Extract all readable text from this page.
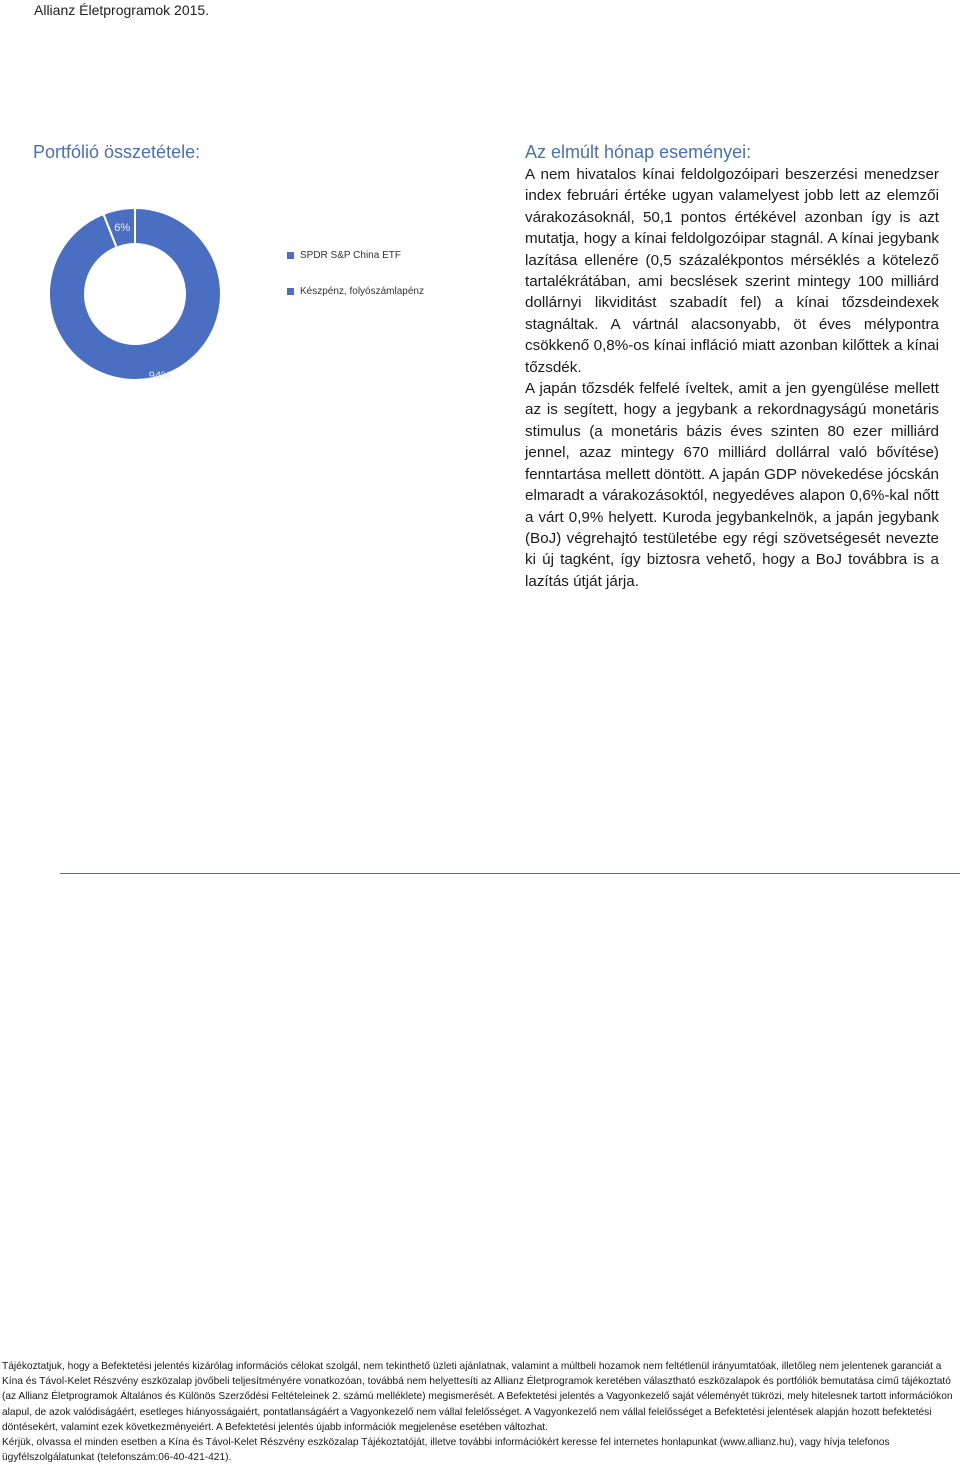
Allianz Életprogramok 2015.
Portfólió összetétele:
6%
94%
SPDR S&P China ETF
Készpénz, folyószámlapénz
Az elmúlt hónap eseményei:

A nem hivatalos kínai feldolgozóipari beszerzési menedzser index februári értéke ugyan valamelyest jobb lett az elemzői várakozásoknál, 50,1 pontos értékével azonban így is azt mutatja, hogy a kínai feldolgozóipar stagnál. A kínai jegybank lazítása ellenére (0,5 százalékpontos mérséklés a kötelező tartalékrátában, ami becslések szerint mintegy 100 milliárd dollárnyi likviditást szabadít fel) a kínai tőzsdeindexek stagnáltak. A vártnál alacsonyabb, öt éves mélypontra csökkenő 0,8%-os kínai infláció miatt azonban kilőttek a kínai tőzsdék.

A japán tőzsdék felfelé íveltek, amit a jen gyengülése mellett az is segített, hogy a jegybank a rekordnagyságú monetáris stimulus (a monetáris bázis éves szinten 80 ezer milliárd jennel, azaz mintegy 670 milliárd dollárral való bővítése) fenntartása mellett döntött. A japán GDP növekedése jócskán elmaradt a várakozásoktól, negyedéves alapon 0,6%-kal nőtt a várt 0,9% helyett. Kuroda jegybankelnök, a japán jegybank (BoJ) végrehajtó testületébe egy régi szövetségesét nevezte ki új tagként, így biztosra vehető, hogy a BoJ továbbra is a lazítás útját járja.

Tájékoztatjuk, hogy a Befektetési jelentés kizárólag információs célokat szolgál, nem tekinthető üzleti ajánlatnak, valamint a múltbeli hozamok nem feltétlenül irányumtatóak, illetőleg nem jelentenek garanciát a Kína és Távol-Kelet Részvény eszközalap jövőbeli teljesítményére vonatkozóan, továbbá nem helyettesíti az Allianz Életprogramok keretében választható eszközalapok és portfóliók bemutatása című tájékoztató (az Allianz Életprogramok Általános és Különös Szerződési Feltételeinek 2. számú melléklete) megismerését. A Befektetési jelentés a Vagyonkezelő saját véleményét tükrözi, mely hitelesnek tartott információkon alapul, de azok valódiságáért, esetleges hiányosságaiért, pontatlanságáért a Vagyonkezelő nem vállal felelősséget. A Vagyonkezelő nem vállal felelősséget a Befektetési jelentések alapján hozott befektetési döntésekért, valamint ezek következményeiért. A Befektetési jelentés újabb információk megjelenése esetében változhat.

Kérjük, olvassa el minden esetben a Kína és Távol-Kelet Részvény eszközalap Tájékoztatóját, illetve további információkért keresse fel internetes honlapunkat (www.allianz.hu), vagy hívja telefonos ügyfélszolgálatunkat (telefonszám:06-40-421-421).
